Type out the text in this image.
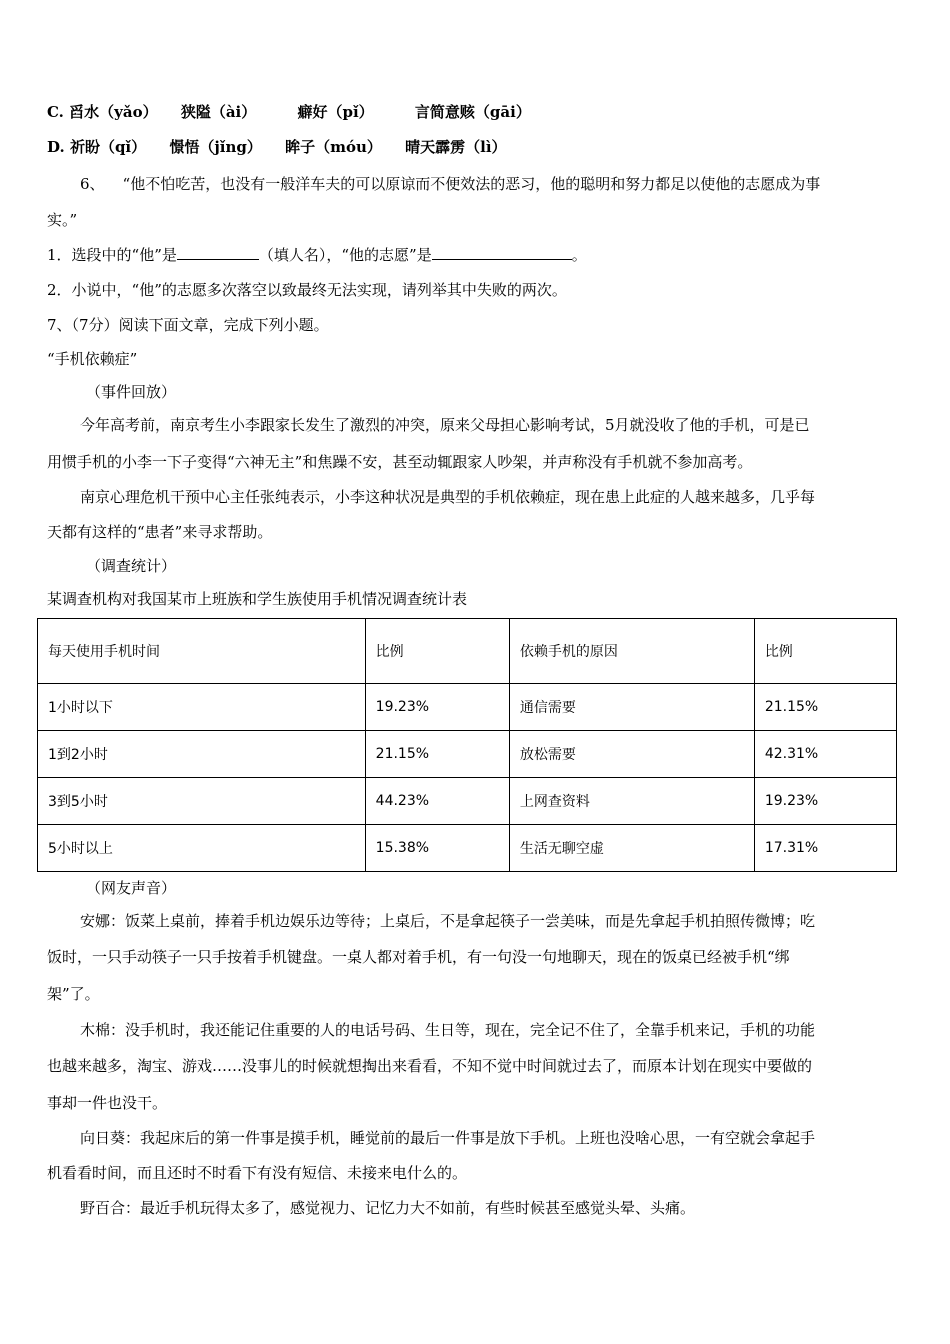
C. 舀水（yǎo） 狭隘（ài）	癖好（pǐ）	言简意赅（gāi）
D. 祈盼（qǐ） 憬悟（jǐng） 眸子（móu） 晴天霹雳（lì）
6、 “他不怕吃苦，也没有一般洋车夫的可以原谅而不便效法的恶习，他的聪明和努力都足以使他的志愿成为事
实。”
1．选段中的“他”是	（填人名），“他的志愿”是	。
2．小说中，“他”的志愿多次落空以致最终无法实现，请列举其中失败的两次。
7、（7分）阅读下面文章，完成下列小题。
“手机依赖症”
（事件回放）
今年高考前，南京考生小李跟家长发生了激烈的冲突，原来父母担心影响考试，5月就没收了他的手机，可是已
用惯手机的小李一下子变得“六神无主”和焦躁不安，甚至动辄跟家人吵架，并声称没有手机就不参加高考。
南京心理危机干预中心主任张纯表示，小李这种状况是典型的手机依赖症，现在患上此症的人越来越多，几乎每
天都有这样的“患者”来寻求帮助。
（调查统计）
某调查机构对我国某市上班族和学生族使用手机情况调查统计表
每天使用手机时间	比例	依赖手机的原因	比例
1小时以下	19.23%	通信需要	21.15%
1到2小时	21.15%	放松需要	42.31%
3到5小时	44.23%	上网查资料	19.23%
5小时以上	15.38%	生活无聊空虚	17.31%
（网友声音）
安娜：饭菜上桌前，捧着手机边娱乐边等待；上桌后，不是拿起筷子一尝美味，而是先拿起手机拍照传微博；吃
饭时，一只手动筷子一只手按着手机键盘。一桌人都对着手机，有一句没一句地聊天，现在的饭桌已经被手机“绑
架”了。
木棉：没手机时，我还能记住重要的人的电话号码、生日等，现在，完全记不住了，全靠手机来记，手机的功能
也越来越多，淘宝、游戏……没事儿的时候就想掏出来看看，不知不觉中时间就过去了，而原本计划在现实中要做的
事却一件也没干。
向日葵：我起床后的第一件事是摸手机，睡觉前的最后一件事是放下手机。上班也没啥心思，一有空就会拿起手
机看看时间，而且还时不时看下有没有短信、未接来电什么的。
野百合：最近手机玩得太多了，感觉视力、记忆力大不如前，有些时候甚至感觉头晕、头痛。
